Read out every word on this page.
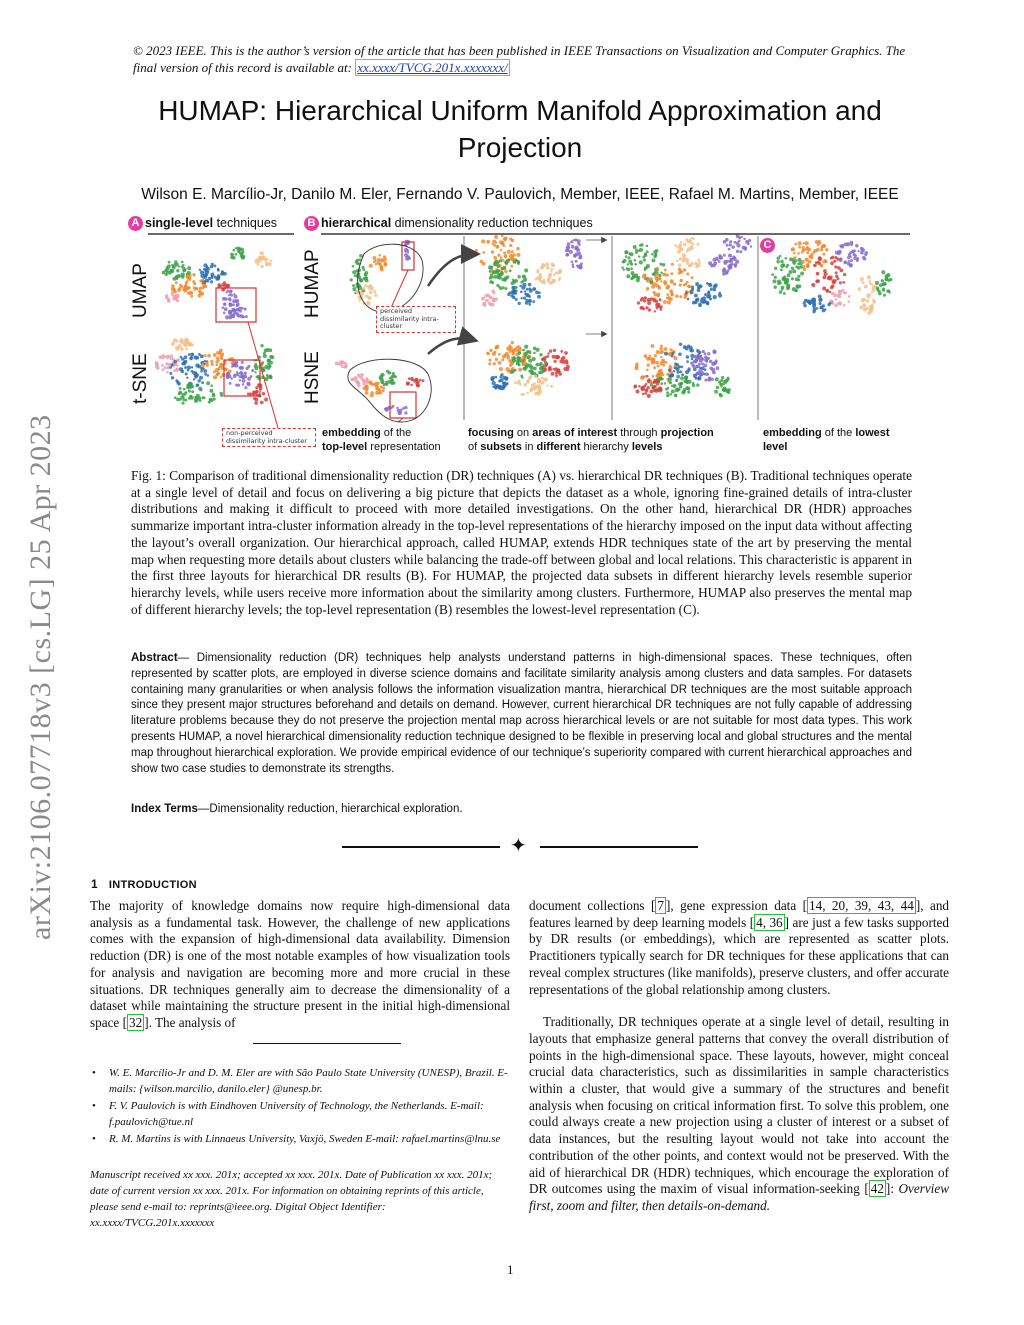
arXiv:2106.07718v3 [cs.LG] 25 Apr 2023
© 2023 IEEE. This is the author’s version of the article that has been published in IEEE Transactions on Visualization and Computer Graphics. The final version of this record is available at: xx.xxxx/TVCG.201x.xxxxxxx/
HUMAP: Hierarchical Uniform Manifold Approximation and Projection
Wilson E. Marcílio-Jr, Danilo M. Eler, Fernando V. Paulovich, Member, IEEE, Rafael M. Martins, Member, IEEE
A single-level techniques	B hierarchical dimensionality reduction techniques
C
UMAP
t-SNE
HUMAP
HSNE
perceived dissimilarity intra-cluster
non-perceived dissimilarity intra-cluster
embedding of the
top-level representation
focusing on areas of interest through projection
of subsets in different hierarchy levels
embedding of the lowest
level
Fig. 1: Comparison of traditional dimensionality reduction (DR) techniques (A) vs. hierarchical DR techniques (B). Traditional techniques operate at a single level of detail and focus on delivering a big picture that depicts the dataset as a whole, ignoring fine-grained details of intra-cluster distributions and making it difficult to proceed with more detailed investigations. On the other hand, hierarchical DR (HDR) approaches summarize important intra-cluster information already in the top-level representations of the hierarchy imposed on the input data without affecting the layout’s overall organization. Our hierarchical approach, called HUMAP, extends HDR techniques state of the art by preserving the mental map when requesting more details about clusters while balancing the trade-off between global and local relations. This characteristic is apparent in the first three layouts for hierarchical DR results (B). For HUMAP, the projected data subsets in different hierarchy levels resemble superior hierarchy levels, while users receive more information about the similarity among clusters. Furthermore, HUMAP also preserves the mental map of different hierarchy levels; the top-level representation (B) resembles the lowest-level representation (C).
Abstract— Dimensionality reduction (DR) techniques help analysts understand patterns in high-dimensional spaces. These techniques, often represented by scatter plots, are employed in diverse science domains and facilitate similarity analysis among clusters and data samples. For datasets containing many granularities or when analysis follows the information visualization mantra, hierarchical DR techniques are the most suitable approach since they present major structures beforehand and details on demand. However, current hierarchical DR techniques are not fully capable of addressing literature problems because they do not preserve the projection mental map across hierarchical levels or are not suitable for most data types. This work presents HUMAP, a novel hierarchical dimensionality reduction technique designed to be flexible in preserving local and global structures and the mental map throughout hierarchical exploration. We provide empirical evidence of our technique’s superiority compared with current hierarchical approaches and show two case studies to demonstrate its strengths.
Index Terms—Dimensionality reduction, hierarchical exploration.
✦
1 INTRODUCTION
The majority of knowledge domains now require high-dimensional data analysis as a fundamental task. However, the challenge of new applications comes with the expansion of high-dimensional data availability. Dimension reduction (DR) is one of the most notable examples of how visualization tools for analysis and navigation are becoming more and more crucial in these situations. DR techniques generally aim to decrease the dimensionality of a dataset while maintaining the structure present in the initial high-dimensional space [ 32 ]. The analysis of
• W. E. Marcílio-Jr and D. M. Eler are with São Paulo State University (UNESP), Brazil. E-mails: {wilson.marcilio, danilo.eler} @unesp.br.
• F. V. Paulovich is with Eindhoven University of Technology, the Netherlands. E-mail: f.paulovich@tue.nl
• R. M. Martins is with Linnaeus University, Vaxjö, Sweden E-mail: rafael.martins@lnu.se
Manuscript received xx xxx. 201x; accepted xx xxx. 201x. Date of Publication xx xxx. 201x; date of current version xx xxx. 201x. For information on obtaining reprints of this article, please send e-mail to: reprints@ieee.org. Digital Object Identifier: xx.xxxx/TVCG.201x.xxxxxxx

document collections [ 7 ], gene expression data [ 14, 20, 39, 43, 44 ], and features learned by deep learning models [ 4, 36 ] are just a few tasks supported by DR results (or embeddings), which are represented as scatter plots. Practitioners typically search for DR techniques for these applications that can reveal complex structures (like manifolds), preserve clusters, and offer accurate representations of the global relationship among clusters.

Traditionally, DR techniques operate at a single level of detail, resulting in layouts that emphasize general patterns that convey the overall distribution of points in the high-dimensional space. These layouts, however, might conceal crucial data characteristics, such as dissimilarities in sample characteristics within a cluster, that would give a summary of the structures and benefit analysis when focusing on critical information first. To solve this problem, one could always create a new projection using a cluster of interest or a subset of data instances, but the resulting layout would not take into account the contribution of the other points, and context would not be preserved. With the aid of hierarchical DR (HDR) techniques, which encourage the exploration of DR outcomes using the maxim of visual information-seeking [ 42 ]: Overview first, zoom and filter, then details-on-demand.

1
